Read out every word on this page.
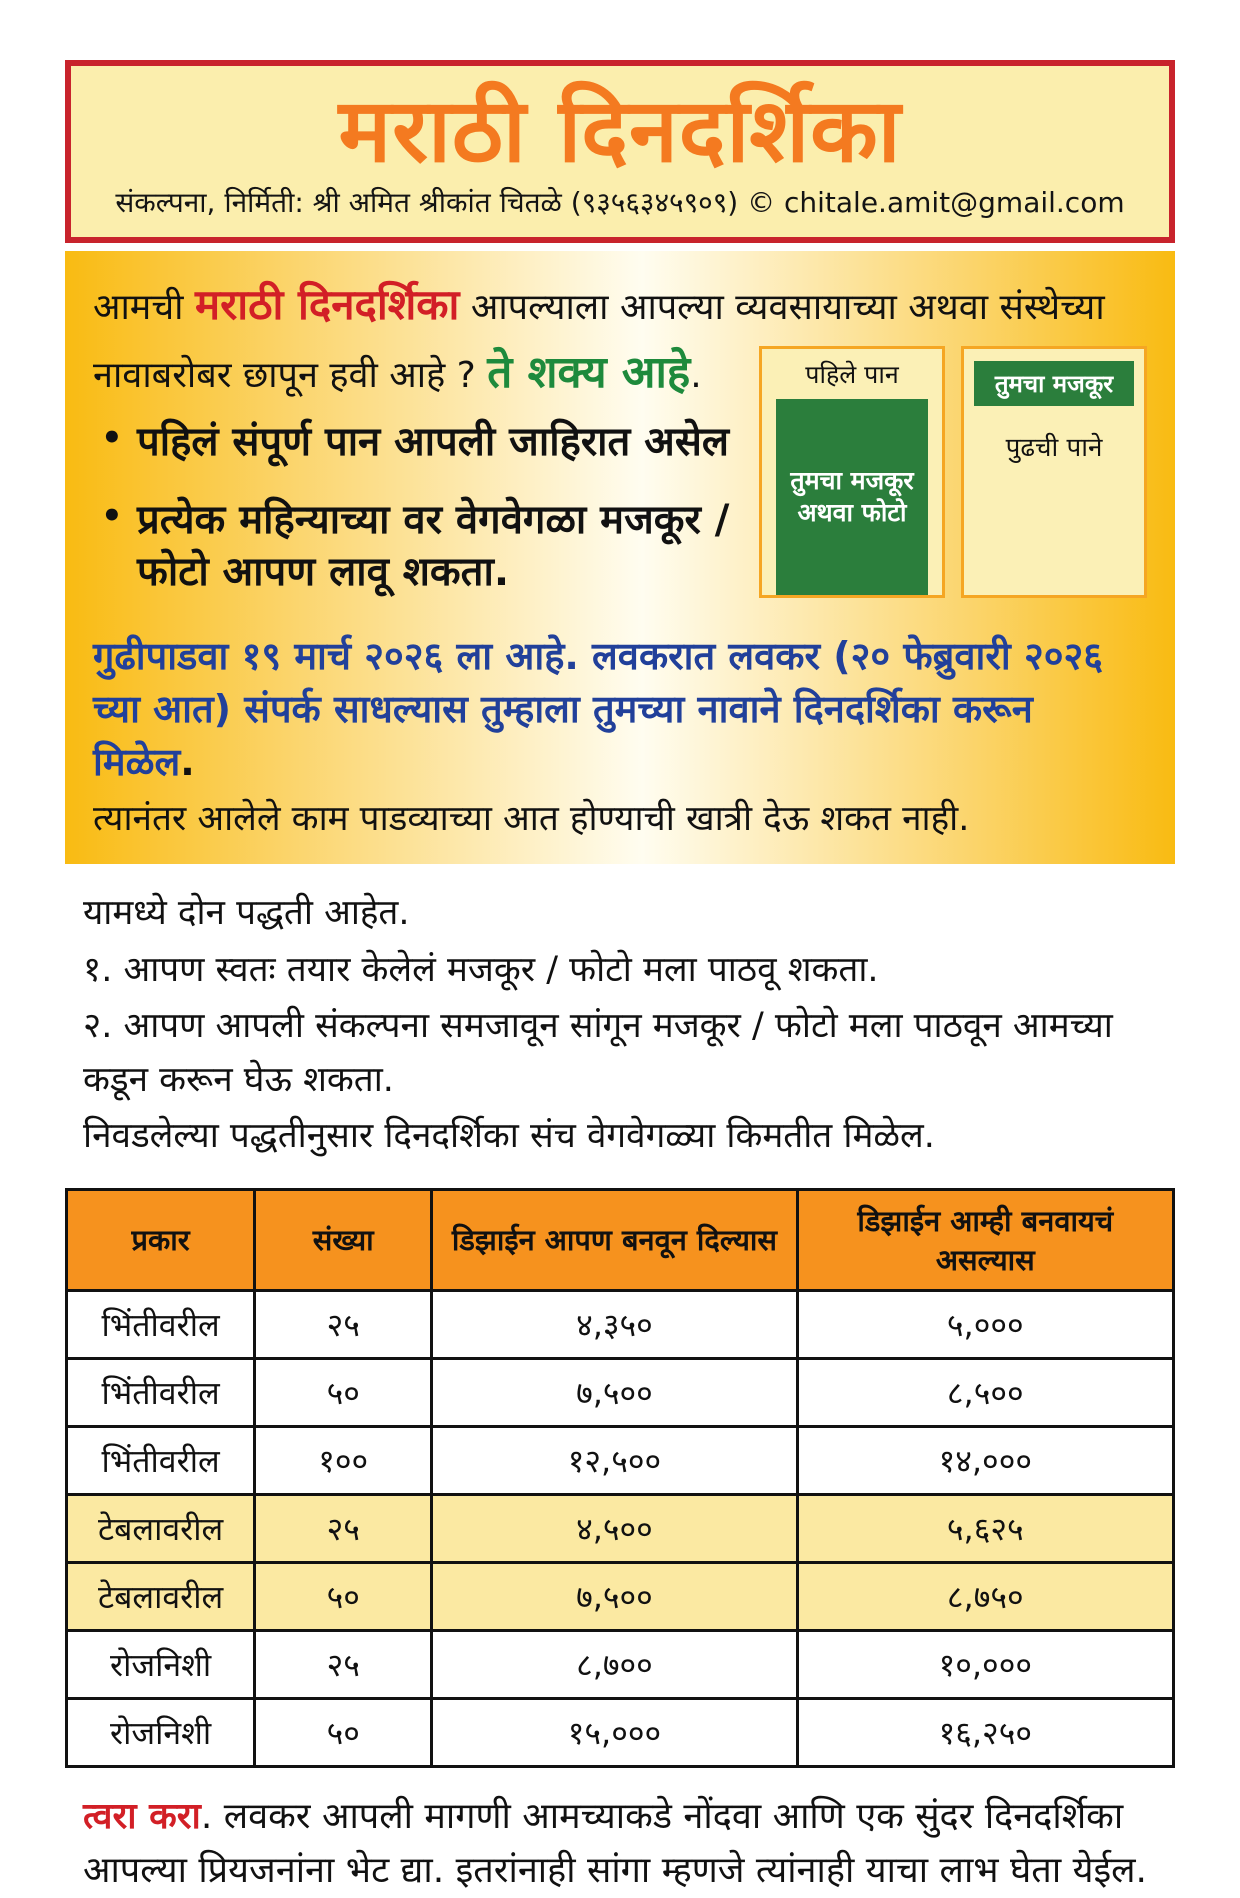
मराठी दिनदर्शिका
संकल्पना, निर्मिती: श्री अमित श्रीकांत चितळे (९३५६३४५९०९) © chitale.amit@gmail.com

आमची मराठी दिनदर्शिका आपल्याला आपल्या व्यवसायाच्या अथवा संस्थेच्या

नावाबरोबर छापून हवी आहे ? ते शक्य आहे.

• पहिलं संपूर्ण पान आपली जाहिरात असेल
• प्रत्येक महिन्याच्या वर वेगवेगळा मजकूर / फोटो आपण लावू शकता.
पहिले पान
तुमचा मजकूर अथवा फोटो
तुमचा मजकूर
पुढची पाने

गुढीपाडवा १९ मार्च २०२६ ला आहे. लवकरात लवकर (२० फेब्रुवारी २०२६ च्या आत) संपर्क साधल्यास तुम्हाला तुमच्या नावाने दिनदर्शिका करून मिळेल.

त्यानंतर आलेले काम पाडव्याच्या आत होण्याची खात्री देऊ शकत नाही.

यामध्ये दोन पद्धती आहेत.

१. आपण स्वतः तयार केलेलं मजकूर / फोटो मला पाठवू शकता.

२. आपण आपली संकल्पना समजावून सांगून मजकूर / फोटो मला पाठवून आमच्या कडून करून घेऊ शकता.

निवडलेल्या पद्धतीनुसार दिनदर्शिका संच वेगवेगळ्या किमतीत मिळेल.

प्रकार	संख्या	डिझाईन आपण बनवून दिल्यास	डिझाईन आम्ही बनवायचं असल्यास
भिंतीवरील	२५	४,३५०	५,०००
भिंतीवरील	५०	७,५००	८,५००
भिंतीवरील	१००	१२,५००	१४,०००
टेबलावरील	२५	४,५००	५,६२५
टेबलावरील	५०	७,५००	८,७५०
रोजनिशी	२५	८,७००	१०,०००
रोजनिशी	५०	१५,०००	१६,२५०

त्वरा करा. लवकर आपली मागणी आमच्याकडे नोंदवा आणि एक सुंदर दिनदर्शिका आपल्या प्रियजनांना भेट द्या. इतरांनाही सांगा म्हणजे त्यांनाही याचा लाभ घेता येईल.
